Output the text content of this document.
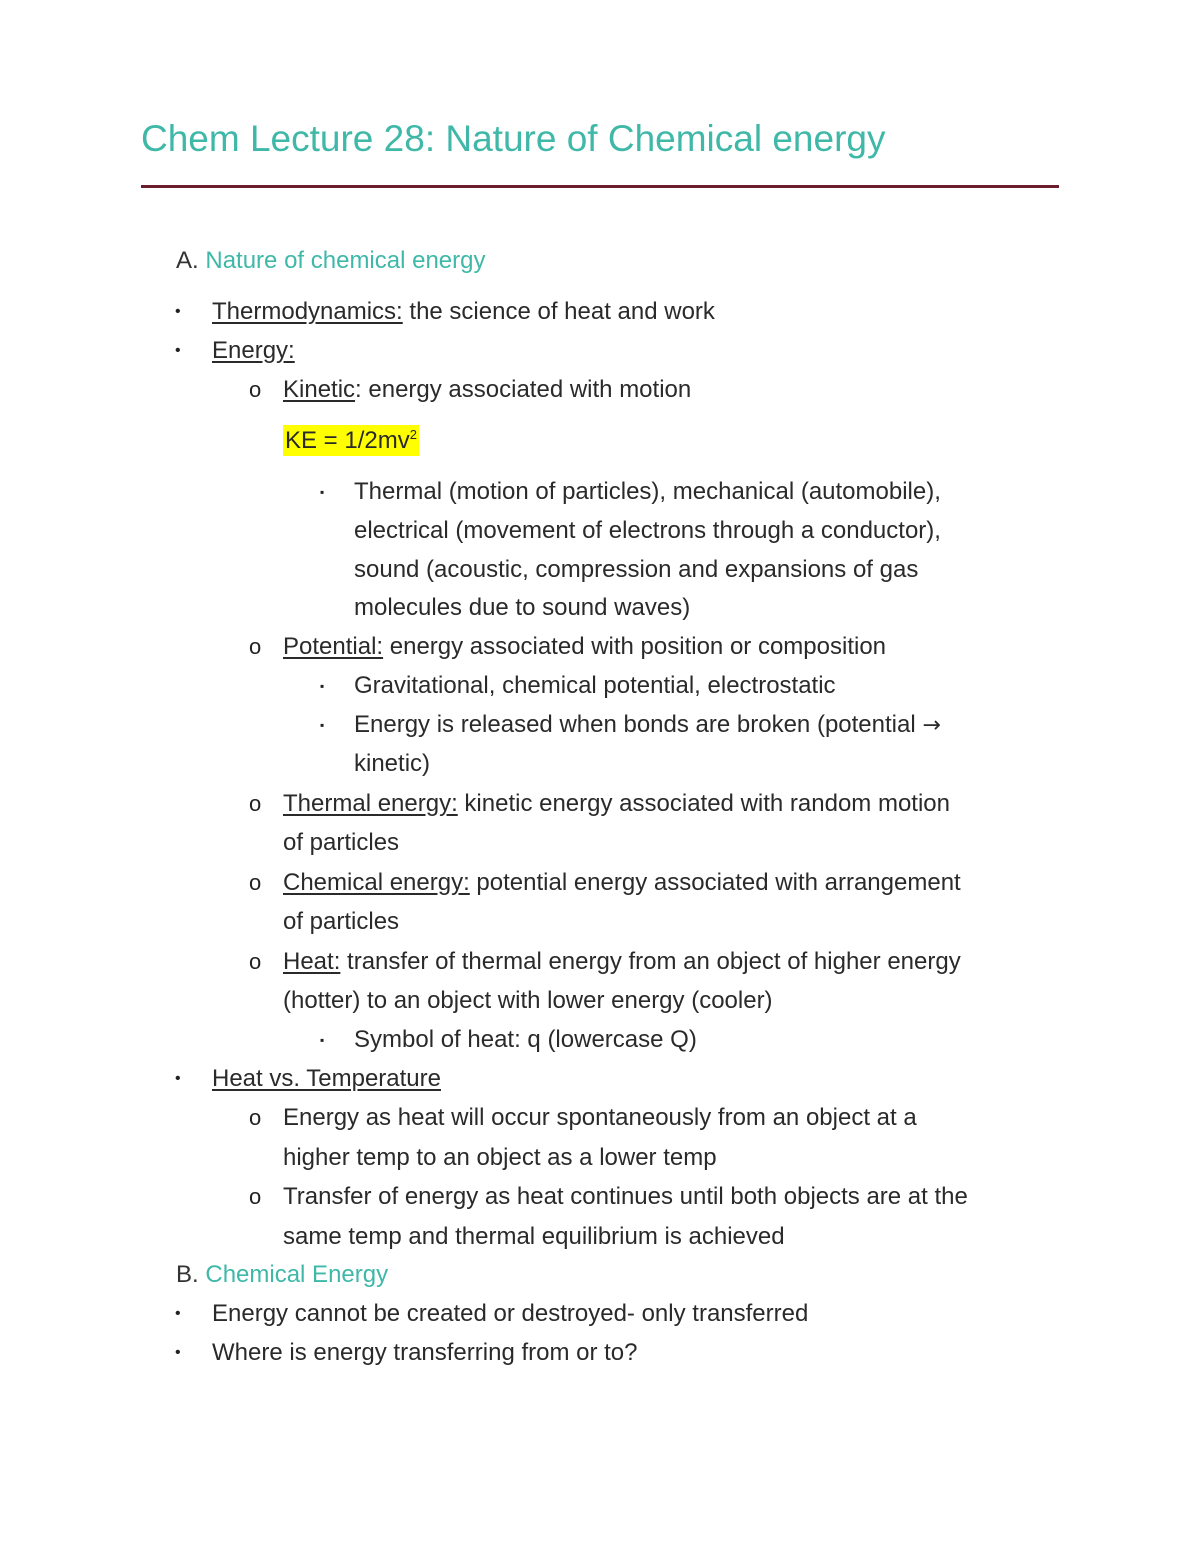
Chem Lecture 28: Nature of Chemical energy
A. Nature of chemical energy
• Thermodynamics: the science of heat and work
• Energy:
o Kinetic: energy associated with motion
KE = $1/2mv^2$
▪ Thermal (motion of particles), mechanical (automobile),
electrical (movement of electrons through a conductor),
sound (acoustic, compression and expansions of gas
molecules due to sound waves)
o Potential: energy associated with position or composition
▪ Gravitational, chemical potential, electrostatic
▪ Energy is released when bonds are broken (potential →
kinetic)
o Thermal energy: kinetic energy associated with random motion
of particles
o Chemical energy: potential energy associated with arrangement
of particles
o Heat: transfer of thermal energy from an object of higher energy
(hotter) to an object with lower energy (cooler)
▪ Symbol of heat: q (lowercase Q)
• Heat vs. Temperature
o Energy as heat will occur spontaneously from an object at a
higher temp to an object as a lower temp
o Transfer of energy as heat continues until both objects are at the
same temp and thermal equilibrium is achieved
B. Chemical Energy
• Energy cannot be created or destroyed- only transferred
• Where is energy transferring from or to?
